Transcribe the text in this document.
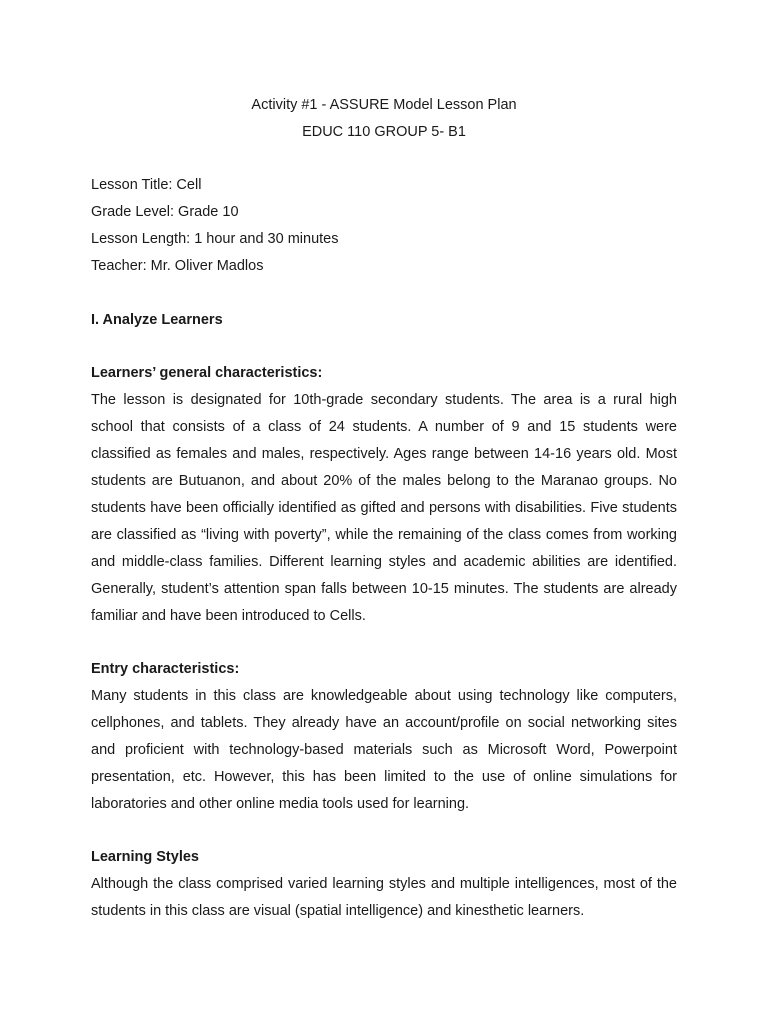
Activity #1 - ASSURE Model Lesson Plan
EDUC 110 GROUP 5- B1
Lesson Title: Cell
Grade Level: Grade 10
Lesson Length: 1 hour and 30 minutes
Teacher: Mr. Oliver Madlos
I. Analyze Learners
Learners’ general characteristics:

The lesson is designated for 10th-grade secondary students. The area is a rural high school that consists of a class of 24 students. A number of 9 and 15 students were classified as females and males, respectively. Ages range between 14-16 years old. Most students are Butuanon, and about 20% of the males belong to the Maranao groups. No students have been officially identified as gifted and persons with disabilities. Five students are classified as “living with poverty”, while the remaining of the class comes from working and middle-class families. Different learning styles and academic abilities are identified. Generally, student’s attention span falls between 10-15 minutes. The students are already familiar and have been introduced to Cells.

Entry characteristics:

Many students in this class are knowledgeable about using technology like computers, cellphones, and tablets. They already have an account/profile on social networking sites and proficient with technology-based materials such as Microsoft Word, Powerpoint presentation, etc. However, this has been limited to the use of online simulations for laboratories and other online media tools used for learning.

Learning Styles

Although the class comprised varied learning styles and multiple intelligences, most of the students in this class are visual (spatial intelligence) and kinesthetic learners.
